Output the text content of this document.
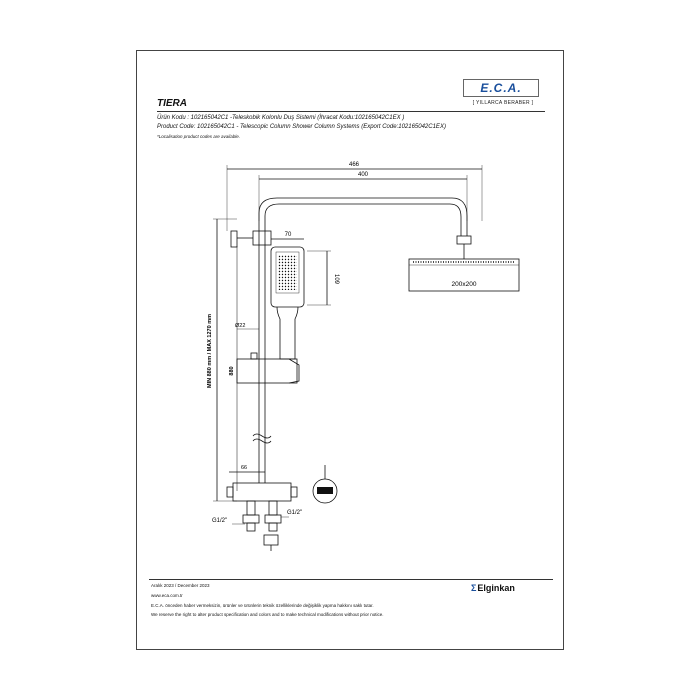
E.C.A.
[ YILLARCA BERABER ]
TIERA
Ürün Kodu : 102165042C1 -Teleskobik Kolonlu Duş Sistemi (İhracat Kodu:102165042C1EX )
Product Code: 102165042C1 - Telescopic Column Shower Column Systems (Export Code:102165042C1EX)
*Localisation product codes are available.
466
400
70
109
Ø22
MIN 880 mm / MAX 1270 mm	880
66
200x200
G1/2"
G1/2"
Aralık 2023 / December 2023
www.eca.com.tr
E.C.A. önceden haber vermeksizin, ürünler ve ürünlerin teknik özelliklerinde değişiklik yapma hakkını saklı tutar.
We reserve the right to alter product specification and colors and to make technical modifications without prior notice.
ΣElginkan
